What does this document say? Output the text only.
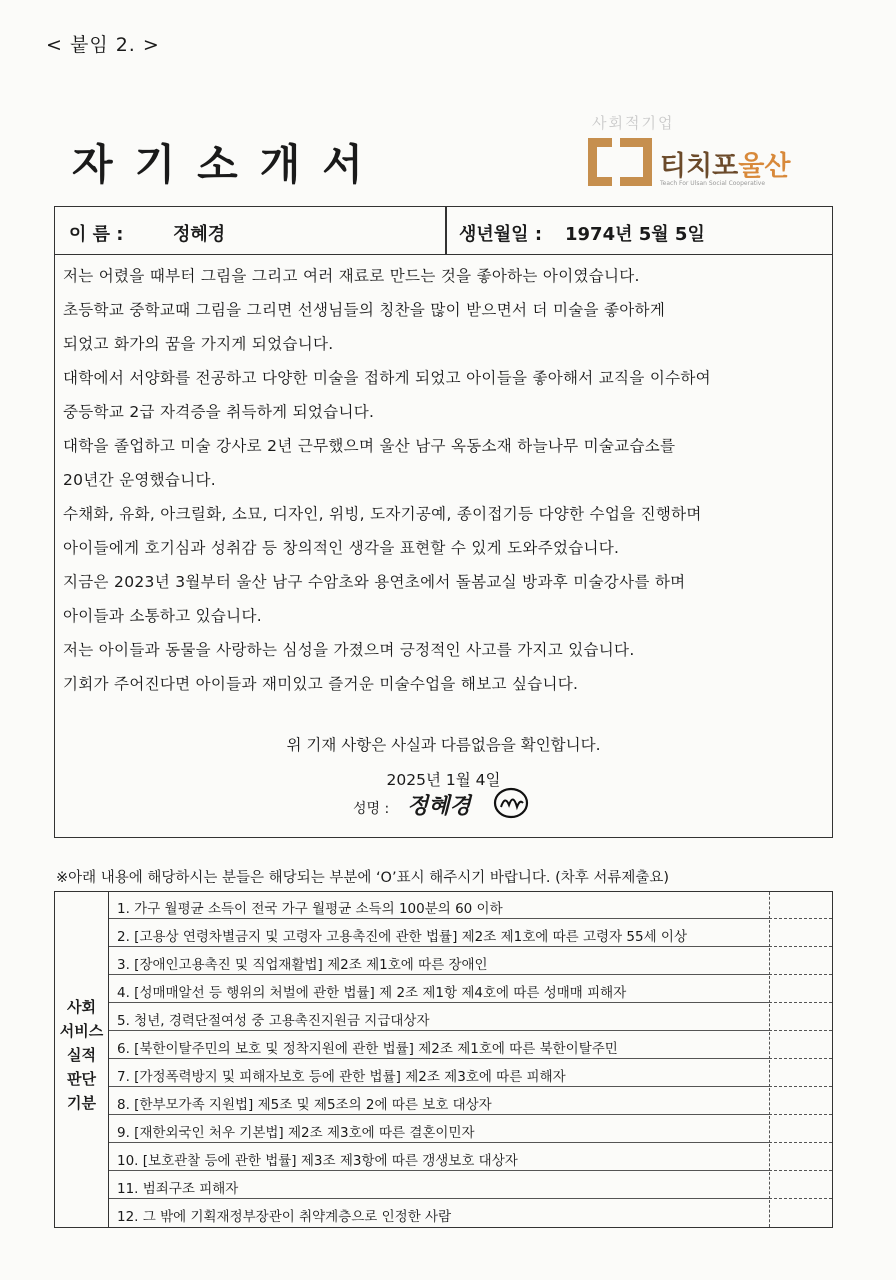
< 붙임 2. >
자기소개서
사회적기업
티치포울산
Teach For Ulsan Social Cooperative
이 름 :	정혜경	생년월일 : 1974년 5월 5일

저는 어렸을 때부터 그림을 그리고 여러 재료로 만드는 것을 좋아하는 아이였습니다.

초등학교 중학교때 그림을 그리면 선생님들의 칭찬을 많이 받으면서 더 미술을 좋아하게

되었고 화가의 꿈을 가지게 되었습니다.

대학에서 서양화를 전공하고 다양한 미술을 접하게 되었고 아이들을 좋아해서 교직을 이수하여

중등학교 2급 자격증을 취득하게 되었습니다.

대학을 졸업하고 미술 강사로 2년 근무했으며 울산 남구 옥동소재 하늘나무 미술교습소를

20년간 운영했습니다.

수채화, 유화, 아크릴화, 소묘, 디자인, 위빙, 도자기공예, 종이접기등 다양한 수업을 진행하며

아이들에게 호기심과 성취감 등 창의적인 생각을 표현할 수 있게 도와주었습니다.

지금은 2023년 3월부터 울산 남구 수암초와 용연초에서 돌봄교실 방과후 미술강사를 하며

아이들과 소통하고 있습니다.

저는 아이들과 동물을 사랑하는 심성을 가졌으며 긍정적인 사고를 가지고 있습니다.

기회가 주어진다면 아이들과 재미있고 즐거운 미술수업을 해보고 싶습니다.

위 기재 사항은 사실과 다름없음을 확인합니다.
2025년 1월 4일
성명 : 정혜경
※아래 내용에 해당하시는 분들은 해당되는 부분에 ‘O’표시 해주시기 바랍니다. (차후 서류제출요)
사회
서비스
실적
판단
기분
1. 가구 월평균 소득이 전국 가구 월평균 소득의 100분의 60 이하
2. [고용상 연령차별금지 및 고령자 고용촉진에 관한 법률] 제2조 제1호에 따른 고령자 55세 이상
3. [장애인고용촉진 및 직업재활법] 제2조 제1호에 따른 장애인
4. [성매매알선 등 행위의 처벌에 관한 법률] 제 2조 제1항 제4호에 따른 성매매 피해자
5. 청년, 경력단절여성 중 고용촉진지원금 지급대상자
6. [북한이탈주민의 보호 및 정착지원에 관한 법률] 제2조 제1호에 따른 북한이탈주민
7. [가정폭력방지 및 피해자보호 등에 관한 법률] 제2조 제3호에 따른 피해자
8. [한부모가족 지원법] 제5조 및 제5조의 2에 따른 보호 대상자
9. [재한외국인 처우 기본법] 제2조 제3호에 따른 결혼이민자
10. [보호관찰 등에 관한 법률] 제3조 제3항에 따른 갱생보호 대상자
11. 범죄구조 피해자
12. 그 밖에 기획재정부장관이 취약계층으로 인정한 사람
